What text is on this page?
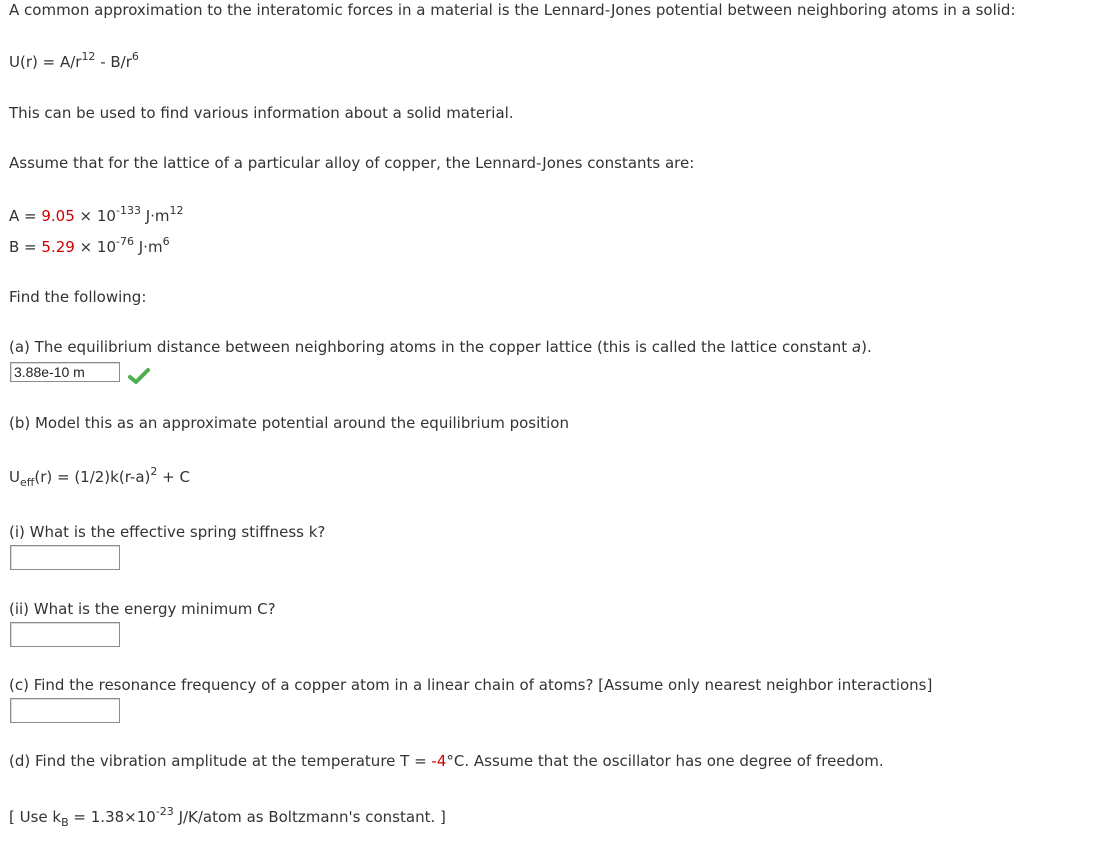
A common approximation to the interatomic forces in a material is the Lennard-Jones potential between neighboring atoms in a solid:
$U(r) = A/r^{12} - B/r^6$
This can be used to find various information about a solid material.
Assume that for the lattice of a particular alloy of copper, the Lennard-Jones constants are:
$A = 9.05 \times 10^{-133}$ $J\cdot m^{12}$
$B = 5.29 \times 10^{-76}$ $J\cdot m^6$
Find the following:
(a) The equilibrium distance between neighboring atoms in the copper lattice (this is called the lattice constant a).
3.88e-10 m
(b) Model this as an approximate potential around the equilibrium position
$U_{eff}(r) = (1/2)k(r-a)^2 + C$
(i) What is the effective spring stiffness k?
(ii) What is the energy minimum C?
(c) Find the resonance frequency of a copper atom in a linear chain of atoms? [Assume only nearest neighbor interactions]
(d) Find the vibration amplitude at the temperature T = -4°C. Assume that the oscillator has one degree of freedom.
[ Use $k_B = 1.38\times 10^{-23}$ J/K/atom as Boltzmann's constant. ]
